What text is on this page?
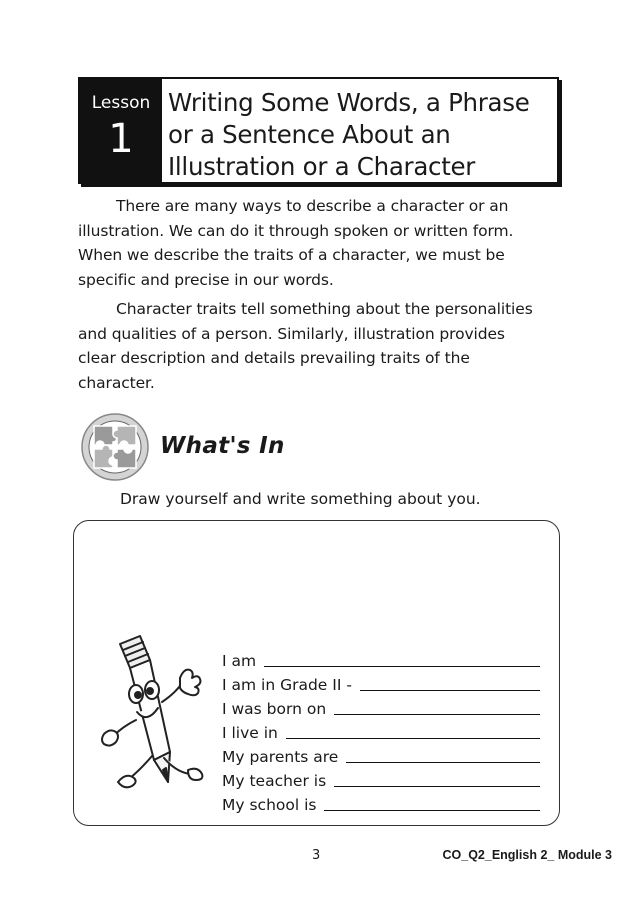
Lesson
1
Writing Some Words, a Phrase
or a Sentence About an
Illustration or a Character
There are many ways to describe a character or an
illustration. We can do it through spoken or written form.
When we describe the traits of a character, we must be
specific and precise in our words.
Character traits tell something about the personalities
and qualities of a person. Similarly, illustration provides
clear description and details prevailing traits of the
character.
What's In
Draw yourself and write something about you.
I am
I am in Grade II -
I was born on
I live in
My parents are
My teacher is
My school is
3	CO_Q2_English 2_ Module 3
